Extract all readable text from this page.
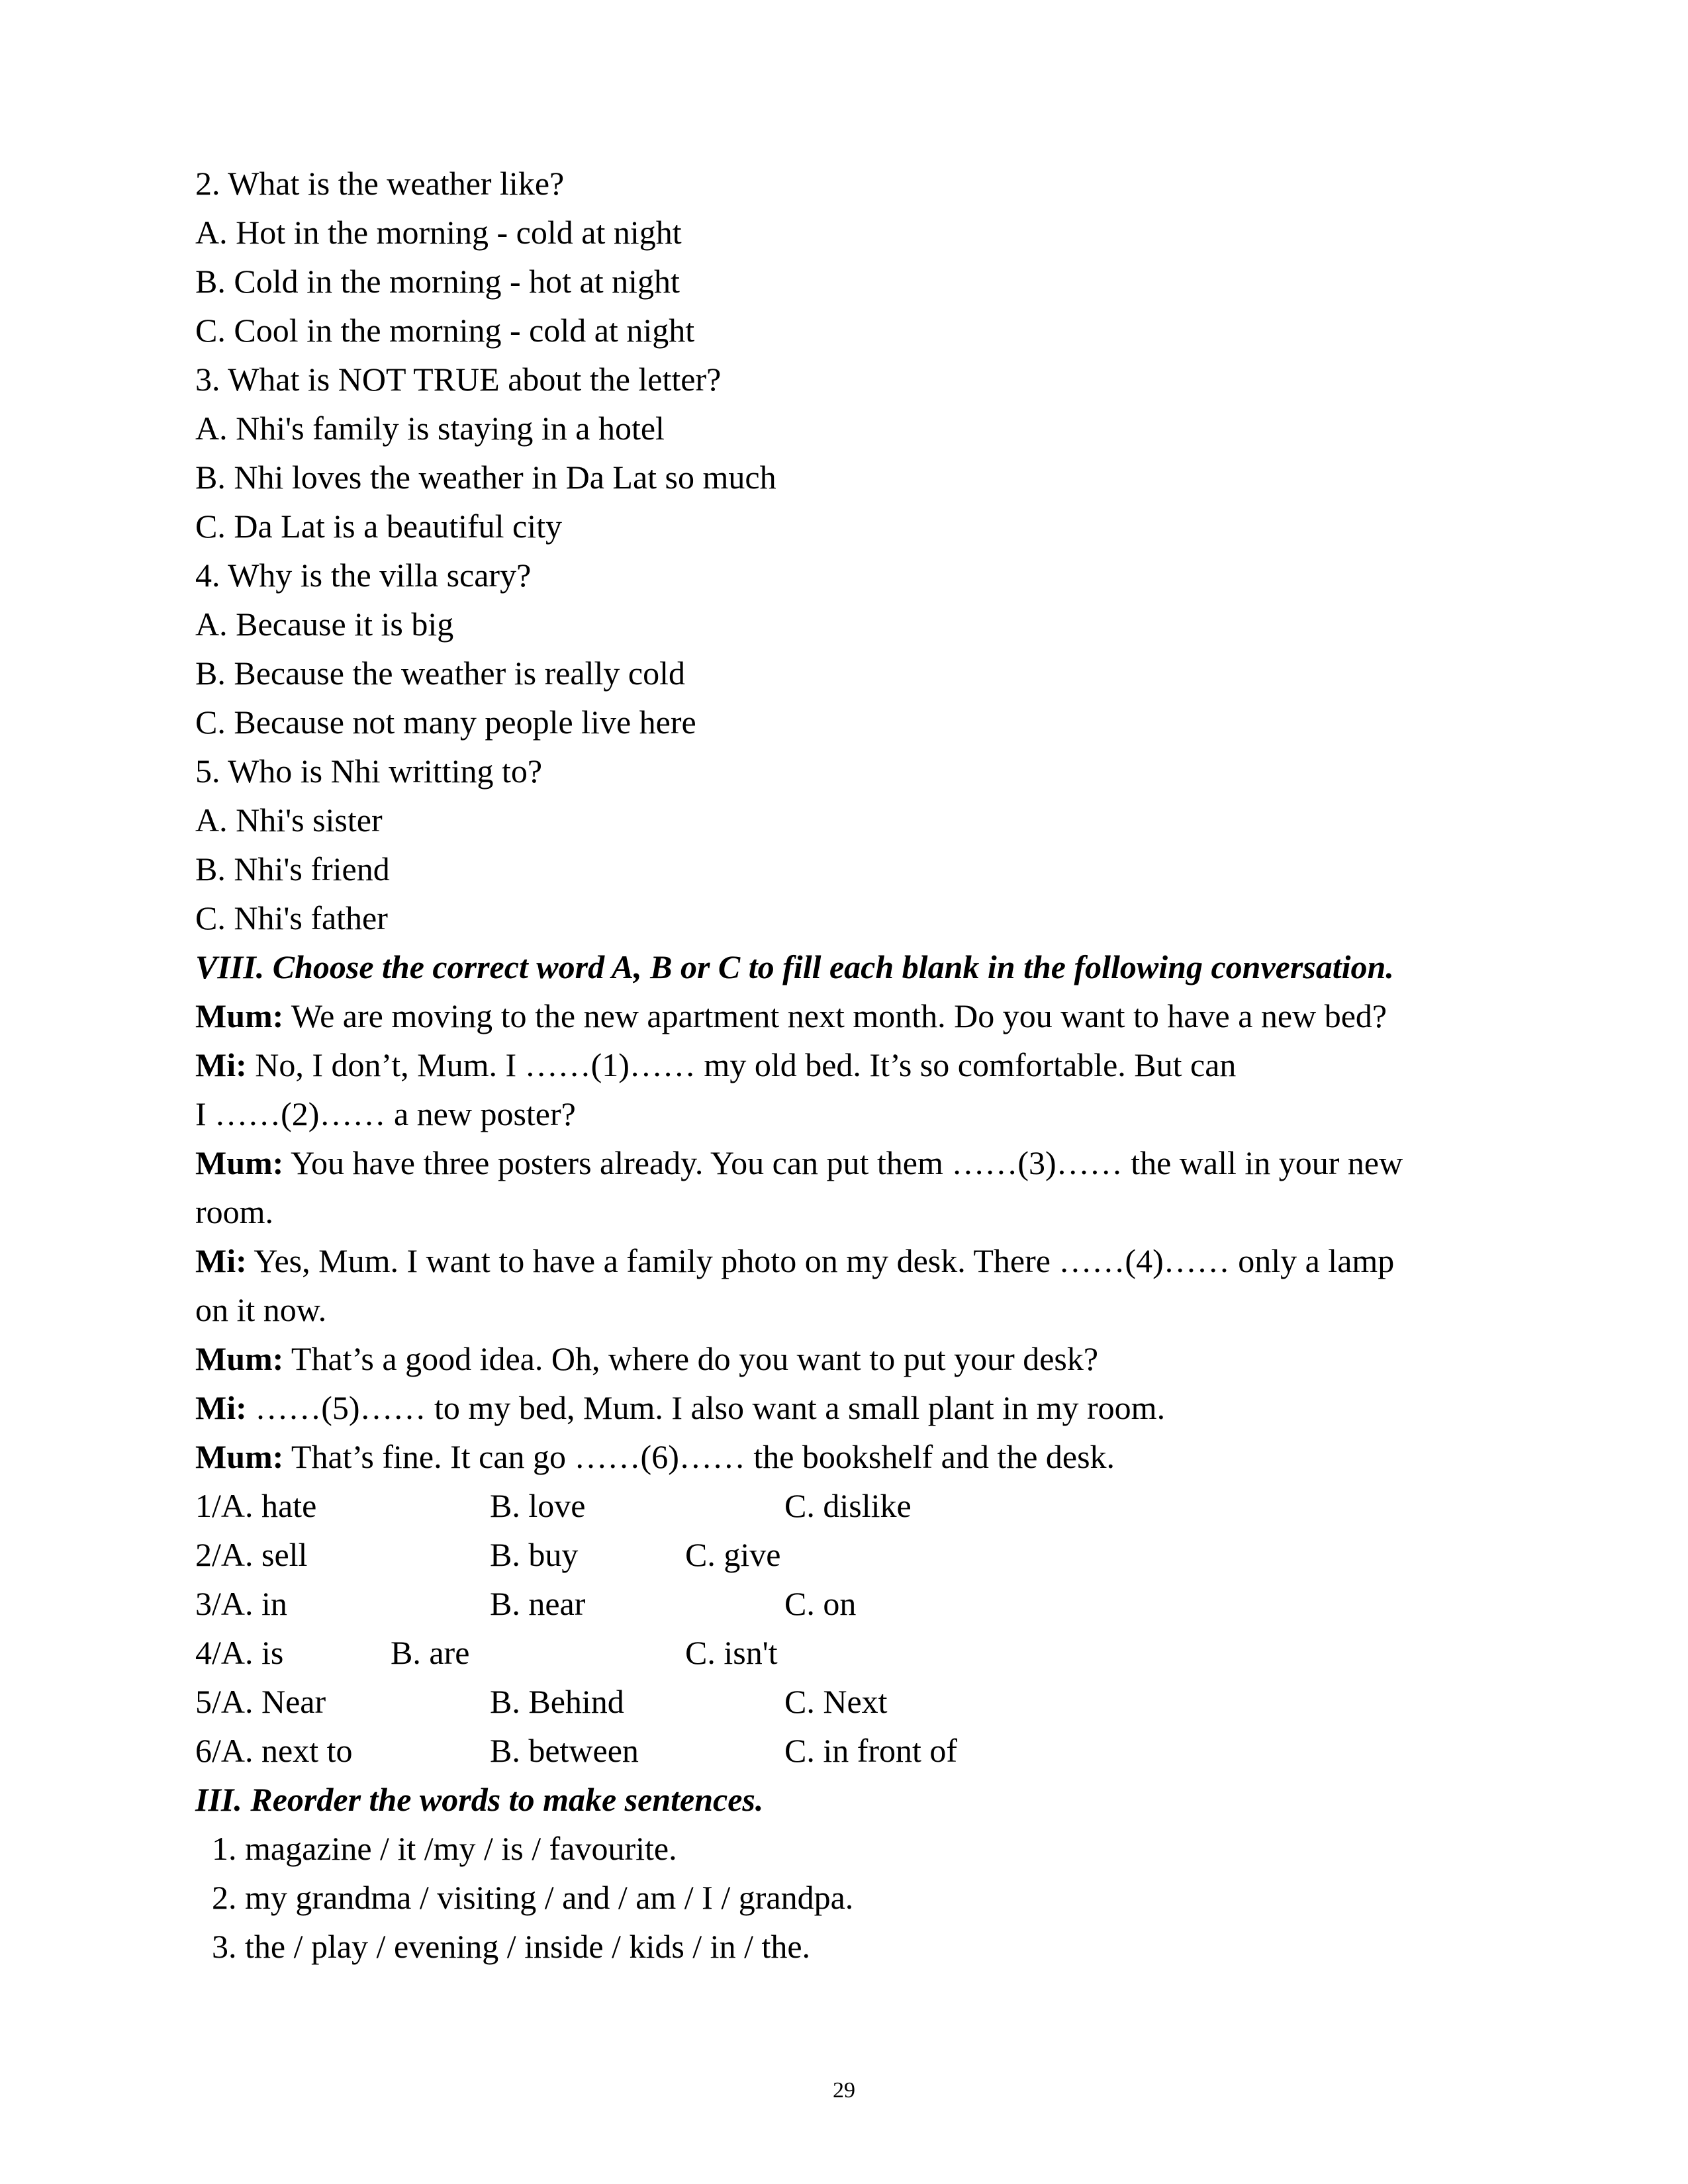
2. What is the weather like?
A. Hot in the morning - cold at night
B. Cold in the morning - hot at night
C. Cool in the morning - cold at night
3. What is NOT TRUE about the letter?
A. Nhi's family is staying in a hotel
B. Nhi loves the weather in Da Lat so much
C. Da Lat is a beautiful city
4. Why is the villa scary?
A. Because it is big
B. Because the weather is really cold
C. Because not many people live here
5. Who is Nhi writting to?
A. Nhi's sister
B. Nhi's friend
C. Nhi's father
VIII. Choose the correct word A, B or C to fill each blank in the following conversation.
Mum: We are moving to the new apartment next month. Do you want to have a new bed?
Mi: No, I don’t, Mum. I ……(1)…… my old bed. It’s so comfortable. But can
I ……(2)…… a new poster?
Mum: You have three posters already. You can put them ……(3)…… the wall in your new
room.
Mi: Yes, Mum. I want to have a family photo on my desk. There ……(4)…… only a lamp
on it now.
Mum: That’s a good idea. Oh, where do you want to put your desk?
Mi: ……(5)…… to my bed, Mum. I also want a small plant in my room.
Mum: That’s fine. It can go ……(6)…… the bookshelf and the desk.
1/A. hate	B. love	C. dislike
2/A. sell	B. buy	C. give
3/A. in	B. near	C. on
4/A. is	B. are	C. isn't
5/A. Near	B. Behind	C. Next
6/A. next to	B. between	C. in front of
III. Reorder the words to make sentences.
1. magazine / it /my / is / favourite.
2. my grandma / visiting / and / am / I / grandpa.
3. the / play / evening / inside / kids / in / the.
29
